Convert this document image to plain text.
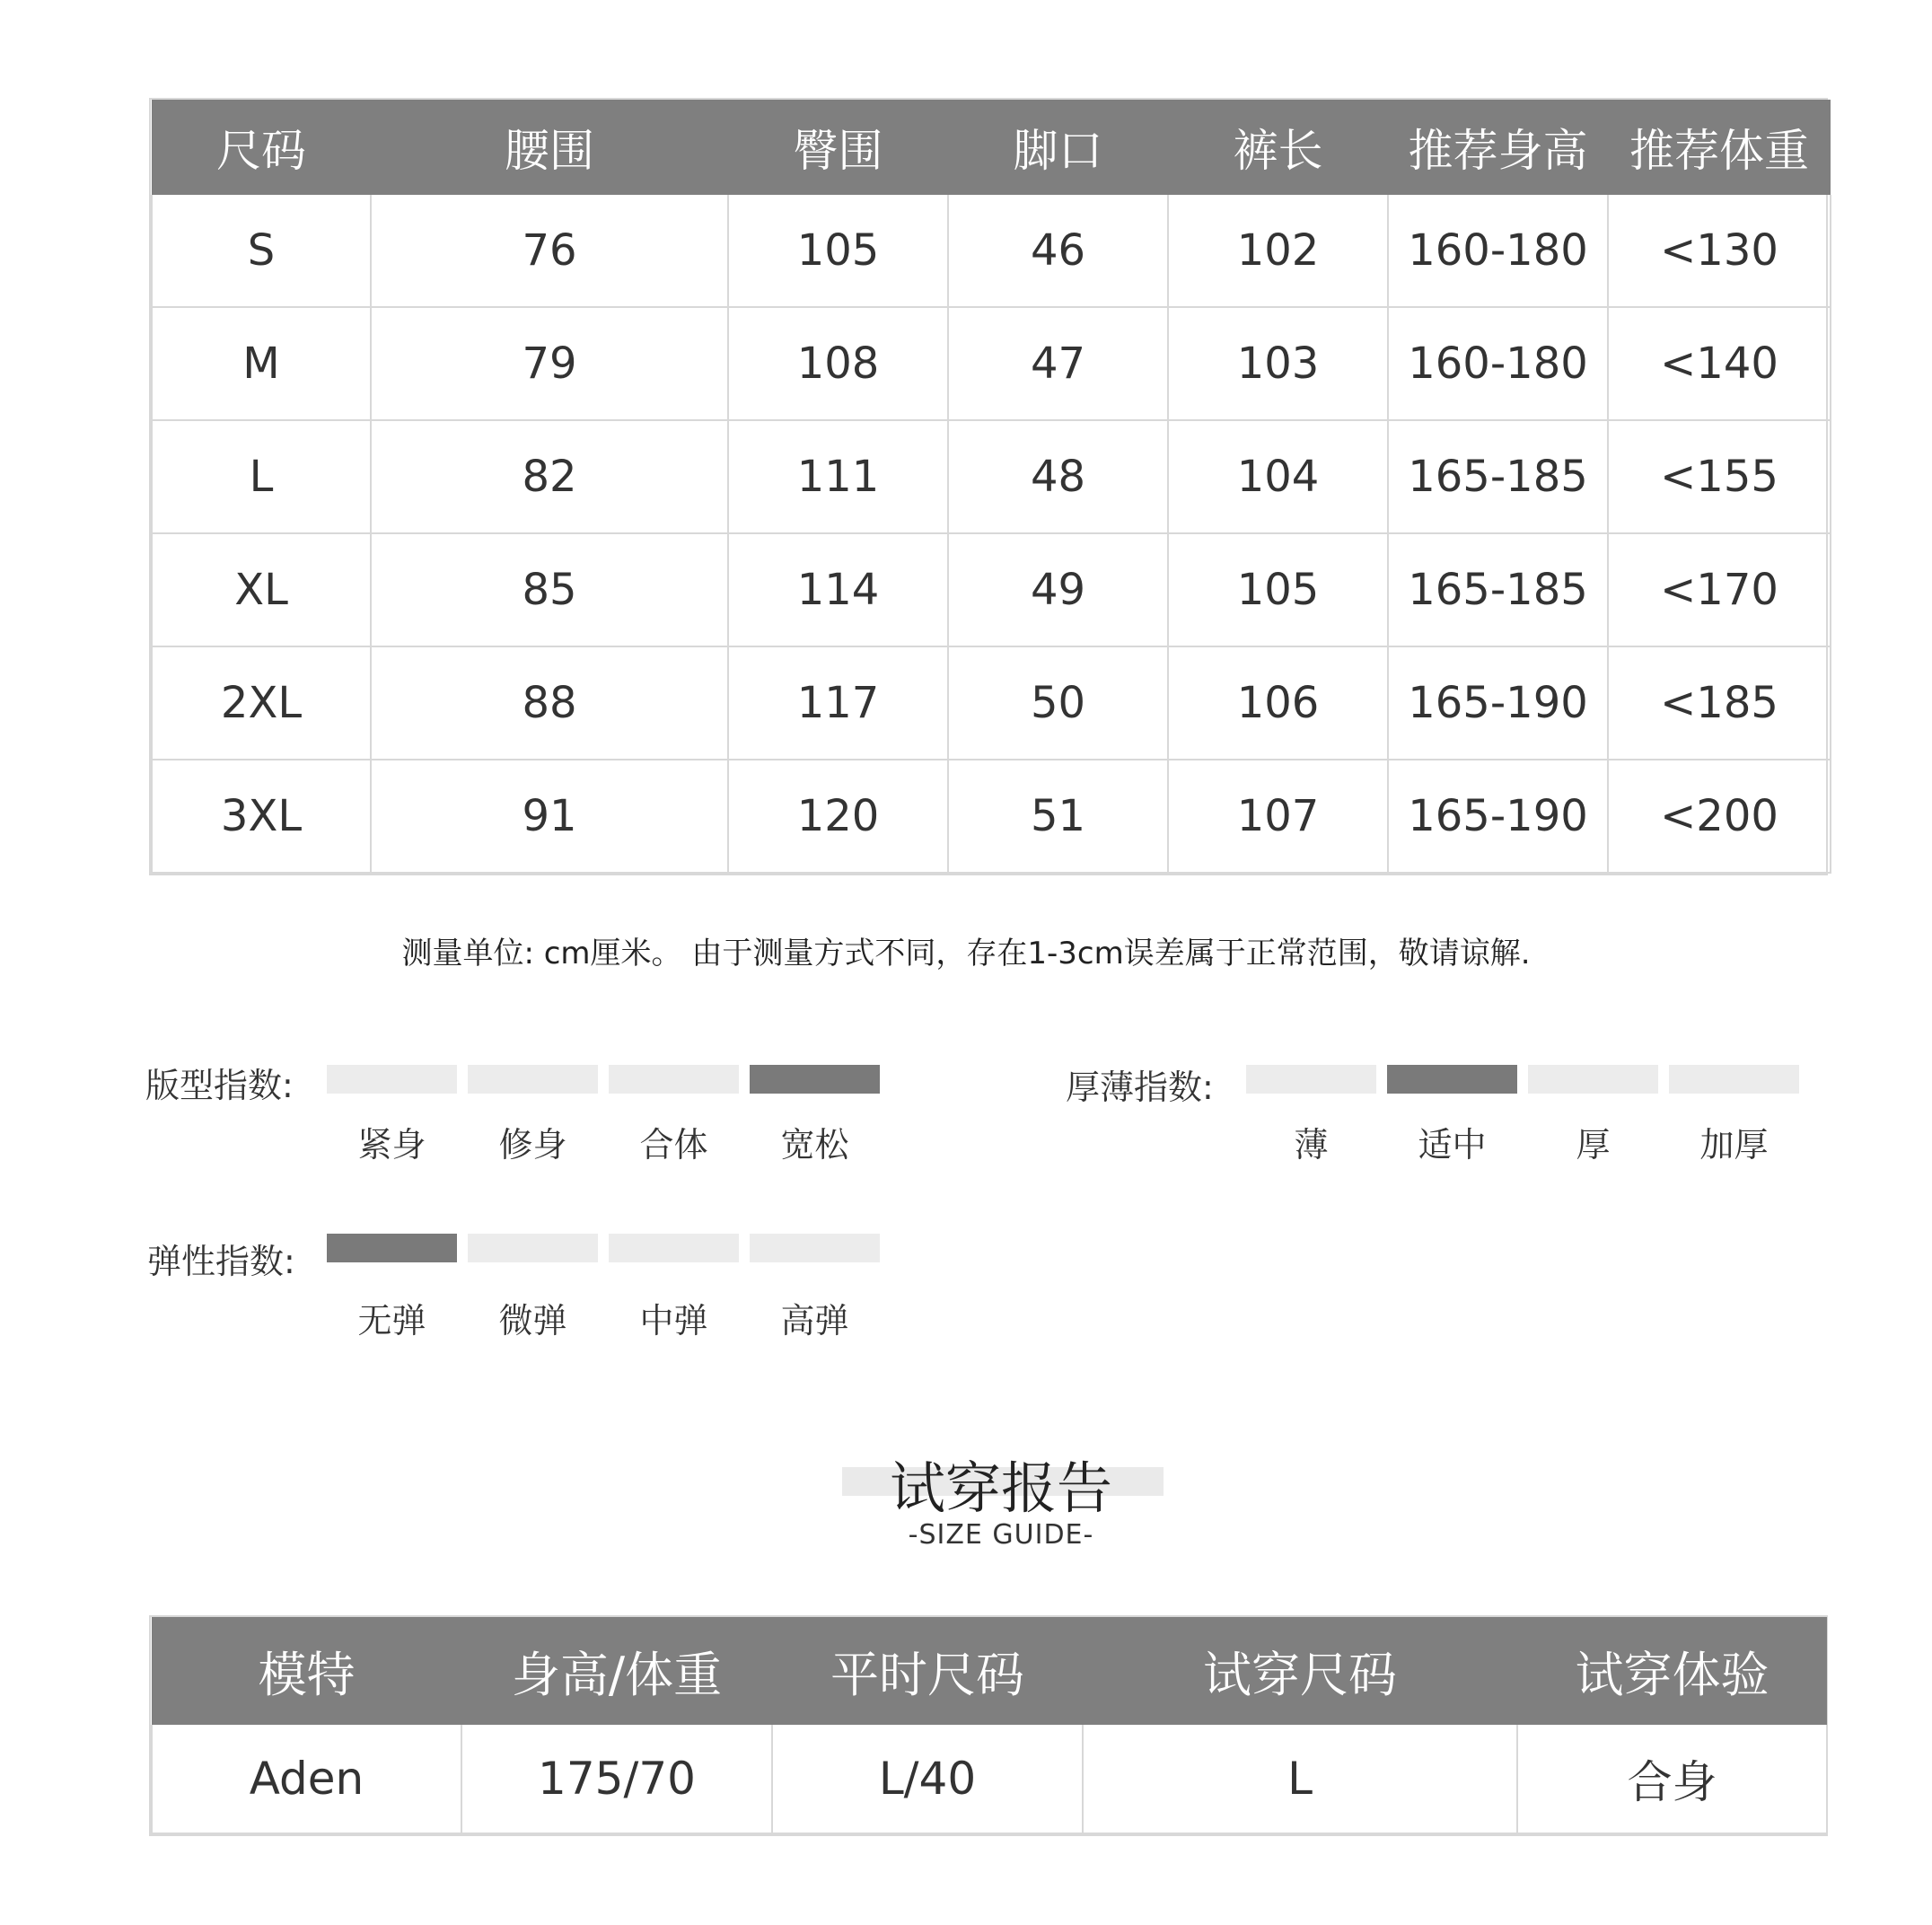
尺码	腰围	臀围	脚口	裤长	推荐身高	推荐体重
S	76	105	46	102	160-180	<130
M	79	108	47	103	160-180	<140
L	82	111	48	104	165-185	<155
XL	85	114	49	105	165-185	<170
2XL	88	117	50	106	165-190	<185
3XL	91	120	51	107	165-190	<200
测量单位: cm厘米。 由于测量方式不同，存在1-3cm误差属于正常范围，敬请谅解.
版型指数:
紧身	修身	合体	宽松
厚薄指数:
薄	适中	厚	加厚
弹性指数:
无弹	微弹	中弹	高弹
试穿报告
-SIZE GUIDE-
模特	身高/体重	平时尺码	试穿尺码	试穿体验
Aden	175/70	L/40	L	合身
